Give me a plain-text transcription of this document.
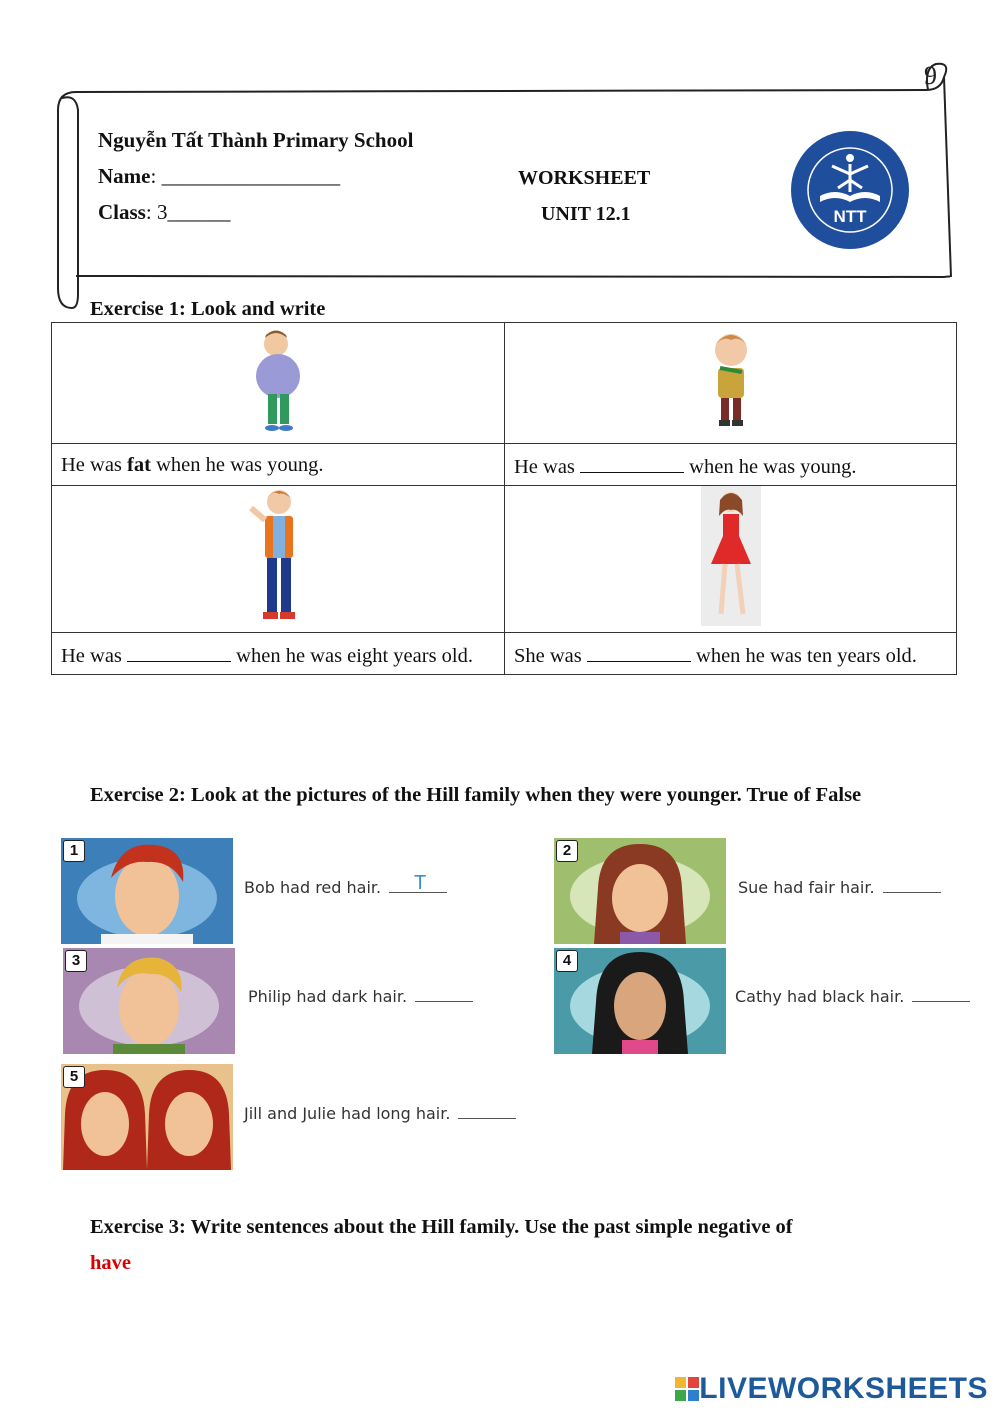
9
Nguyễn Tất Thành Primary School
Name: _________________
Class: 3______
WORKSHEET
UNIT 12.1	NTT
Exercise 1: Look and write

He was fat when he was young.	He was when he was young.

He was when he was eight years old.	She was when he was ten years old.
Exercise 2: Look at the pictures of the Hill family when they were younger. True of False
1
Bob had red hair.	T
2
Sue had fair hair.
3
Philip had dark hair.
4
Cathy had black hair.
5
Jill and Julie had long hair.
Exercise 3: Write sentences about the Hill family. Use the past simple negative of
have
LIVEWORKSHEETS
